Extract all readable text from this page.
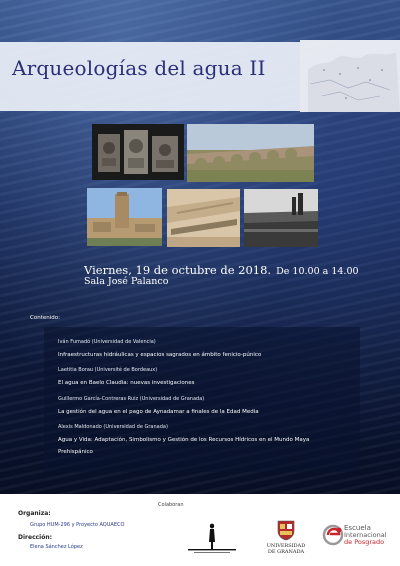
Arqueologías del agua II
Viernes, 19 de octubre de 2018. De 10.00 a 14.00
Sala José Palanco
Contenido:
Iván Fumadó (Universidad de Valencia)
Infraestructuras hidráulicas y espacios sagrados en ámbito fenicio-púnico
Laetitia Borau (Université de Bordeaux)
El agua en Baelo Claudia: nuevas investigaciones
Guillermo García-Contreras Ruiz (Universidad de Granada)
La gestión del agua en el pago de Aynadamar a finales de la Edad Media
Alexis Maldonado (Universidad de Granada)
Agua y Vida: Adaptación, Simbolismo y Gestión de los Recursos Hídricos en el Mundo Maya
Prehispánico
Organiza:
Grupo HUM-296 y Proyecto AQUAECO
Dirección:
Elena Sánchez López
Colaboran
UNIVERSIDAD
DE GRANADA
Escuela
Internacional
de Posgrado
